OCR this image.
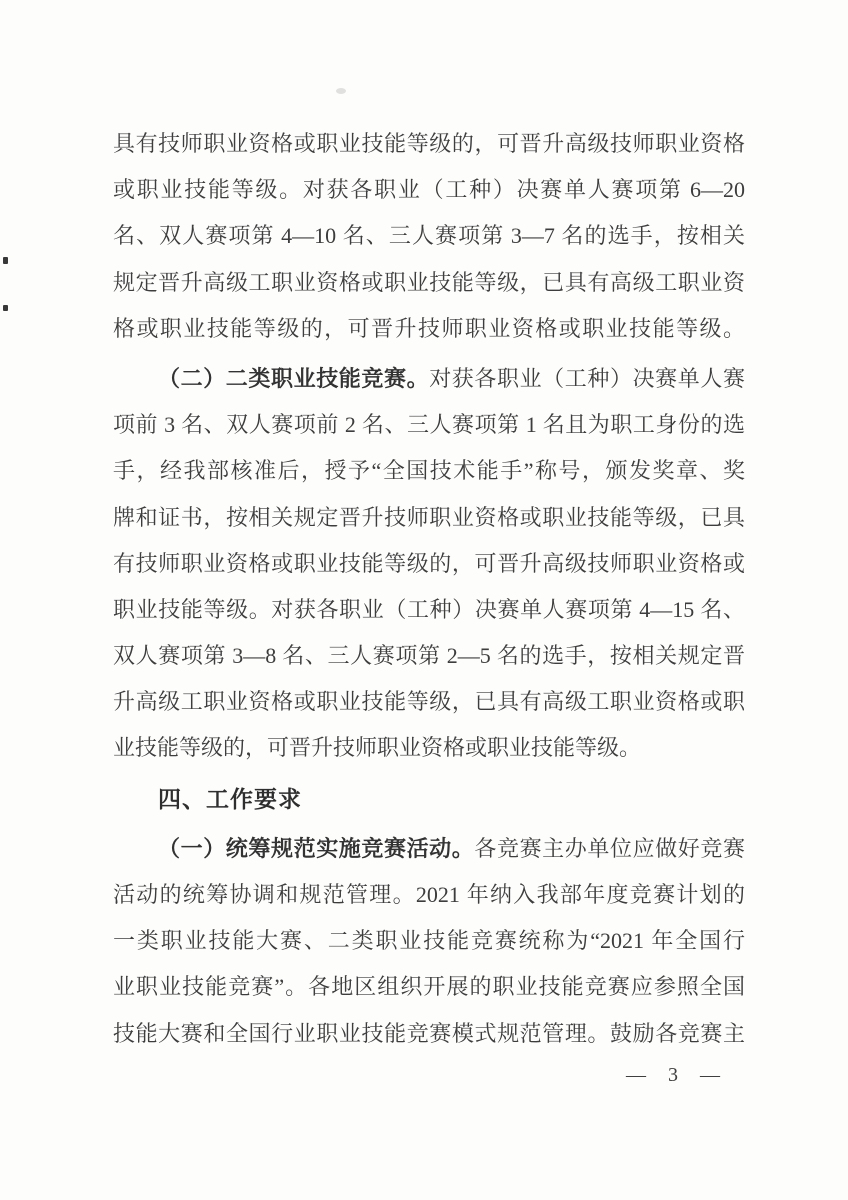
具有技师职业资格或职业技能等级的，可晋升高级技师职业资格
或职业技能等级。对获各职业（工种）决赛单人赛项第 6—20
名、双人赛项第 4—10 名、三人赛项第 3—7 名的选手，按相关
规定晋升高级工职业资格或职业技能等级，已具有高级工职业资
格或职业技能等级的，可晋升技师职业资格或职业技能等级。
（二）二类职业技能竞赛。对获各职业（工种）决赛单人赛
项前 3 名、双人赛项前 2 名、三人赛项第 1 名且为职工身份的选
手，经我部核准后，授予“全国技术能手”称号，颁发奖章、奖
牌和证书，按相关规定晋升技师职业资格或职业技能等级，已具
有技师职业资格或职业技能等级的，可晋升高级技师职业资格或
职业技能等级。对获各职业（工种）决赛单人赛项第 4—15 名、
双人赛项第 3—8 名、三人赛项第 2—5 名的选手，按相关规定晋
升高级工职业资格或职业技能等级，已具有高级工职业资格或职
业技能等级的，可晋升技师职业资格或职业技能等级。
四、工作要求
（一）统筹规范实施竞赛活动。各竞赛主办单位应做好竞赛
活动的统筹协调和规范管理。2021 年纳入我部年度竞赛计划的
一类职业技能大赛、二类职业技能竞赛统称为“2021 年全国行
业职业技能竞赛”。各地区组织开展的职业技能竞赛应参照全国
技能大赛和全国行业职业技能竞赛模式规范管理。鼓励各竞赛主
—  3  —
